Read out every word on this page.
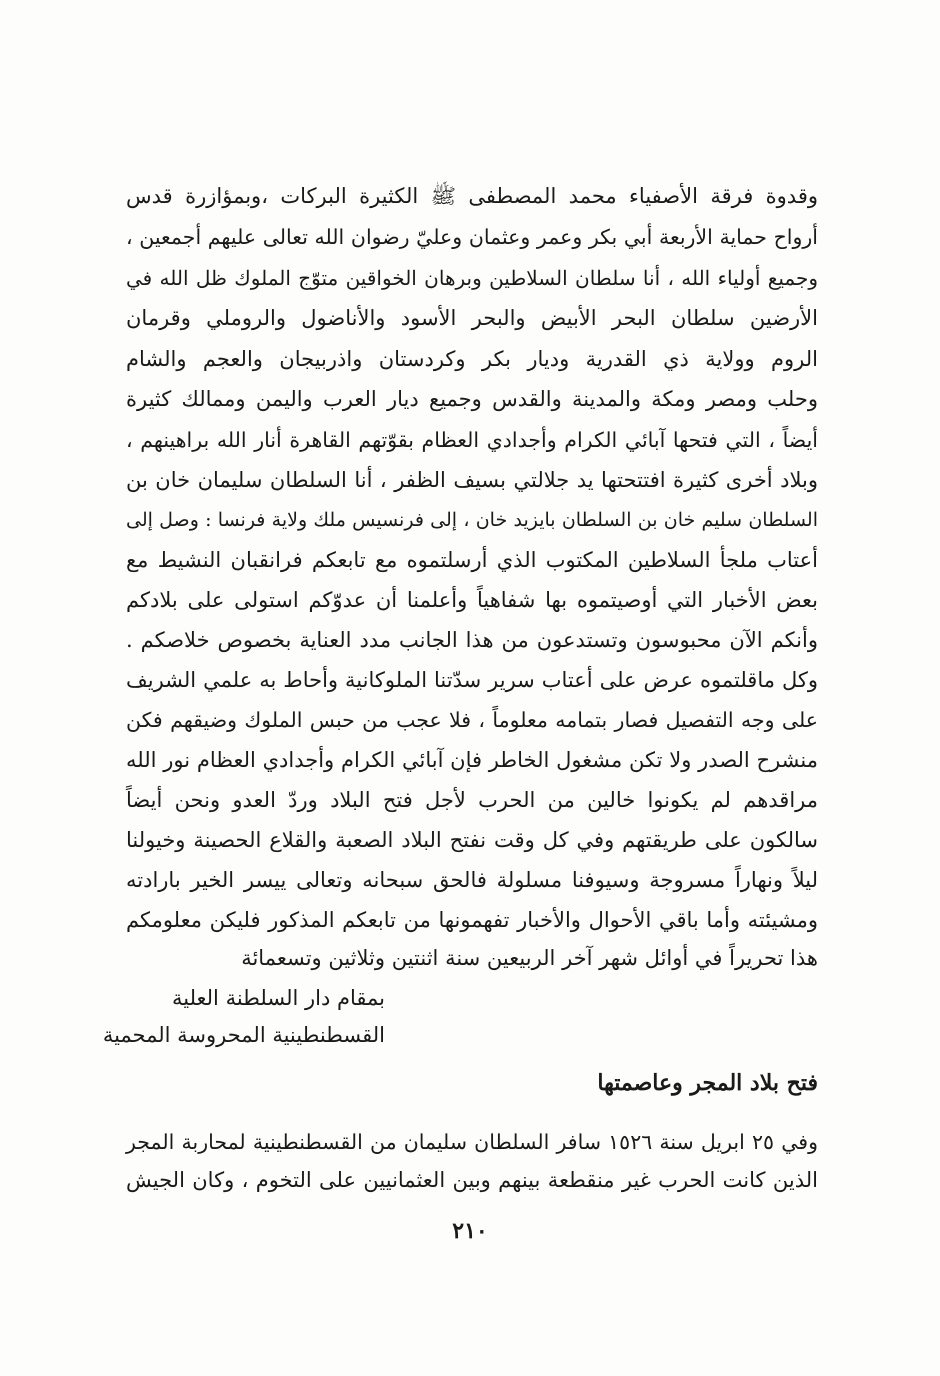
وقدوة فرقة الأصفياء محمد المصطفى ﷺ الكثيرة البركات ،وبمؤازرة قدس
أرواح حماية الأربعة أبي بكر وعمر وعثمان وعليّ رضوان الله تعالى عليهم أجمعين ،
وجميع أولياء الله ، أنا سلطان السلاطين وبرهان الخواقين متوّج الملوك ظل الله في
الأرضين سلطان البحر الأبيض والبحر الأسود والأناضول والروملي وقرمان
الروم وولاية ذي القدرية وديار بكر وكردستان واذربيجان والعجم والشام
وحلب ومصر ومكة والمدينة والقدس وجميع ديار العرب واليمن وممالك كثيرة
أيضاً ، التي فتحها آبائي الكرام وأجدادي العظام بقوّتهم القاهرة أنار الله براهينهم ،
وبلاد أخرى كثيرة افتتحتها يد جلالتي بسيف الظفر ، أنا السلطان سليمان خان بن
السلطان سليم خان بن السلطان بايزيد خان ، إلى فرنسيس ملك ولاية فرنسا : وصل إلى
أعتاب ملجأ السلاطين المكتوب الذي أرسلتموه مع تابعكم فرانقبان النشيط مع
بعض الأخبار التي أوصيتموه بها شفاهياً وأعلمنا أن عدوّكم استولى على بلادكم
وأنكم الآن محبوسون وتستدعون من هذا الجانب مدد العناية بخصوص خلاصكم .
وكل ماقلتموه عرض على أعتاب سرير سدّتنا الملوكانية وأحاط به علمي الشريف
على وجه التفصيل فصار بتمامه معلوماً ، فلا عجب من حبس الملوك وضيقهم فكن
منشرح الصدر ولا تكن مشغول الخاطر فإن آبائي الكرام وأجدادي العظام نور الله
مراقدهم لم يكونوا خالين من الحرب لأجل فتح البلاد وردّ العدو ونحن أيضاً
سالكون على طريقتهم وفي كل وقت نفتح البلاد الصعبة والقلاع الحصينة وخيولنا
ليلاً ونهاراً مسروجة وسيوفنا مسلولة فالحق سبحانه وتعالى ييسر الخير بارادته
ومشيئته وأما باقي الأحوال والأخبار تفهمونها من تابعكم المذكور فليكن معلومكم
هذا تحريراً في أوائل شهر آخر الربيعين سنة اثنتين وثلاثين وتسعمائة
بمقام دار السلطنة العلية
القسطنطينية المحروسة المحمية
فتح بلاد المجر وعاصمتها
وفي ٢٥ ابريل سنة ١٥٢٦ سافر السلطان سليمان من القسطنطينية لمحاربة المجر
الذين كانت الحرب غير منقطعة بينهم وبين العثمانيين على التخوم ، وكان الجيش
٢١٠
